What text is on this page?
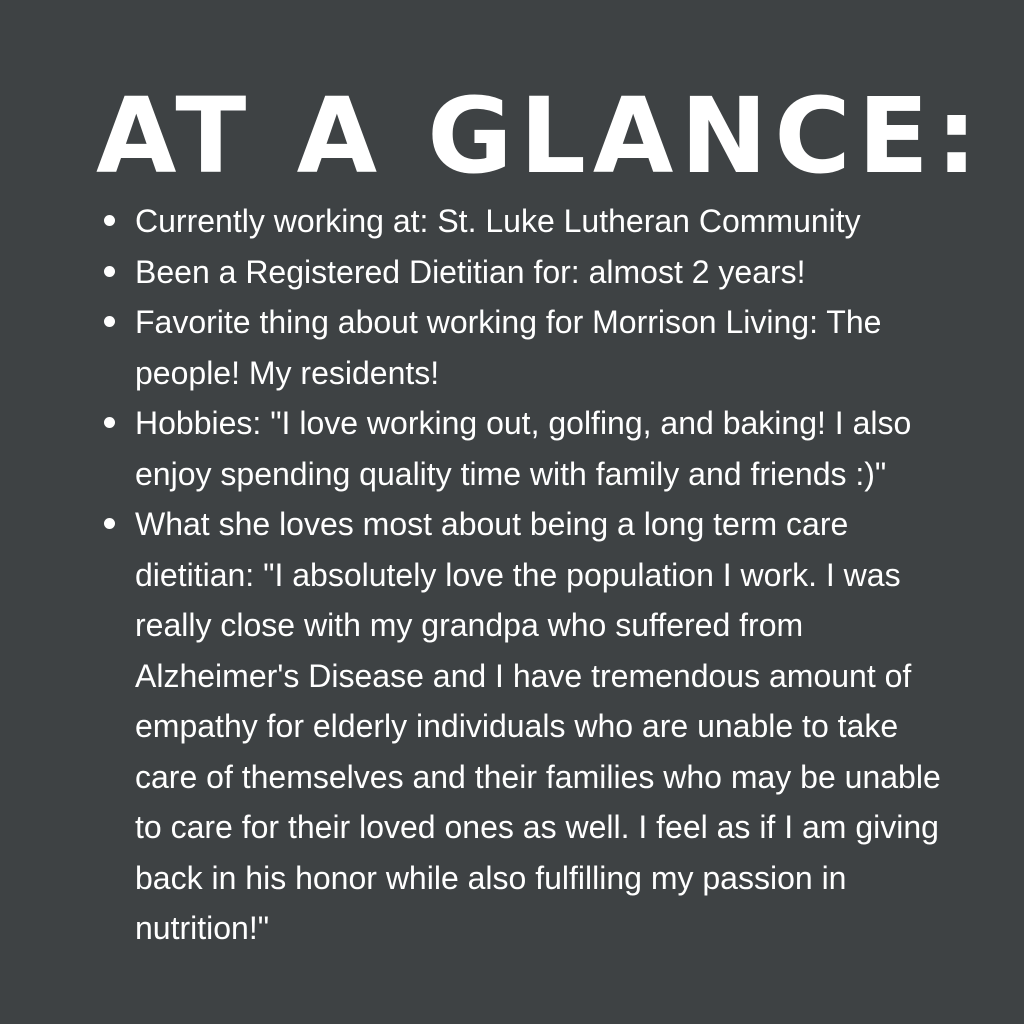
AT A GLANCE:
Currently working at: St. Luke Lutheran Community
Been a Registered Dietitian for: almost 2 years!
Favorite thing about working for Morrison Living: The people! My residents!
Hobbies: "I love working out, golfing, and baking! I also enjoy spending quality time with family and friends :)"
What she loves most about being a long term care dietitian: "I absolutely love the population I work. I was really close with my grandpa who suffered from Alzheimer's Disease and I have tremendous amount of empathy for elderly individuals who are unable to take care of themselves and their families who may be unable to care for their loved ones as well. I feel as if I am giving back in his honor while also fulfilling my passion in nutrition!"
